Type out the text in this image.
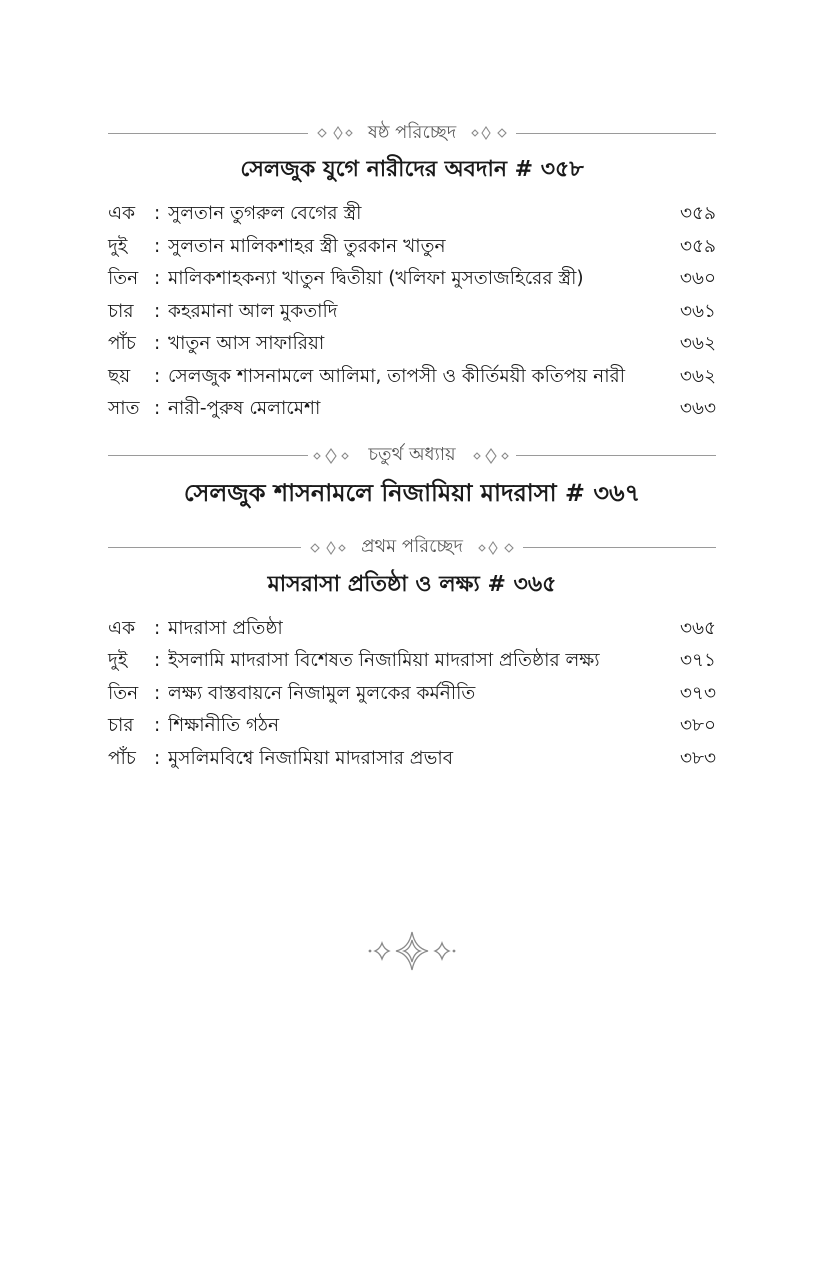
ষষ্ঠ পরিচ্ছেদ
সেলজুক যুগে নারীদের অবদান # ৩৫৮
এক	: সুলতান তুগরুল বেগের স্ত্রী	৩৫৯
দুই	: সুলতান মালিকশাহর স্ত্রী তুরকান খাতুন	৩৫৯
তিন : মালিকশাহকন্যা খাতুন দ্বিতীয়া (খলিফা মুসতাজহিরের স্ত্রী)	৩৬০
চার	: কহরমানা আল মুকতাদি	৩৬১
পাঁচ : খাতুন আস সাফারিয়া	৩৬২
ছয়	: সেলজুক শাসনামলে আলিমা, তাপসী ও কীর্তিময়ী কতিপয় নারী	৩৬২
সাত : নারী-পুরুষ মেলামেশা	৩৬৩
চতুর্থ অধ্যায়
সেলজুক শাসনামলে নিজামিয়া মাদরাসা # ৩৬৭
প্রথম পরিচ্ছেদ
মাসরাসা প্রতিষ্ঠা ও লক্ষ্য # ৩৬৫
এক	: মাদরাসা প্রতিষ্ঠা	৩৬৫
দুই	: ইসলামি মাদরাসা বিশেষত নিজামিয়া মাদরাসা প্রতিষ্ঠার লক্ষ্য	৩৭১
তিন : লক্ষ্য বাস্তবায়নে নিজামুল মুলকের কর্মনীতি	৩৭৩
চার	: শিক্ষানীতি গঠন	৩৮০
পাঁচ : মুসলিমবিশ্বে নিজামিয়া মাদরাসার প্রভাব	৩৮৩
